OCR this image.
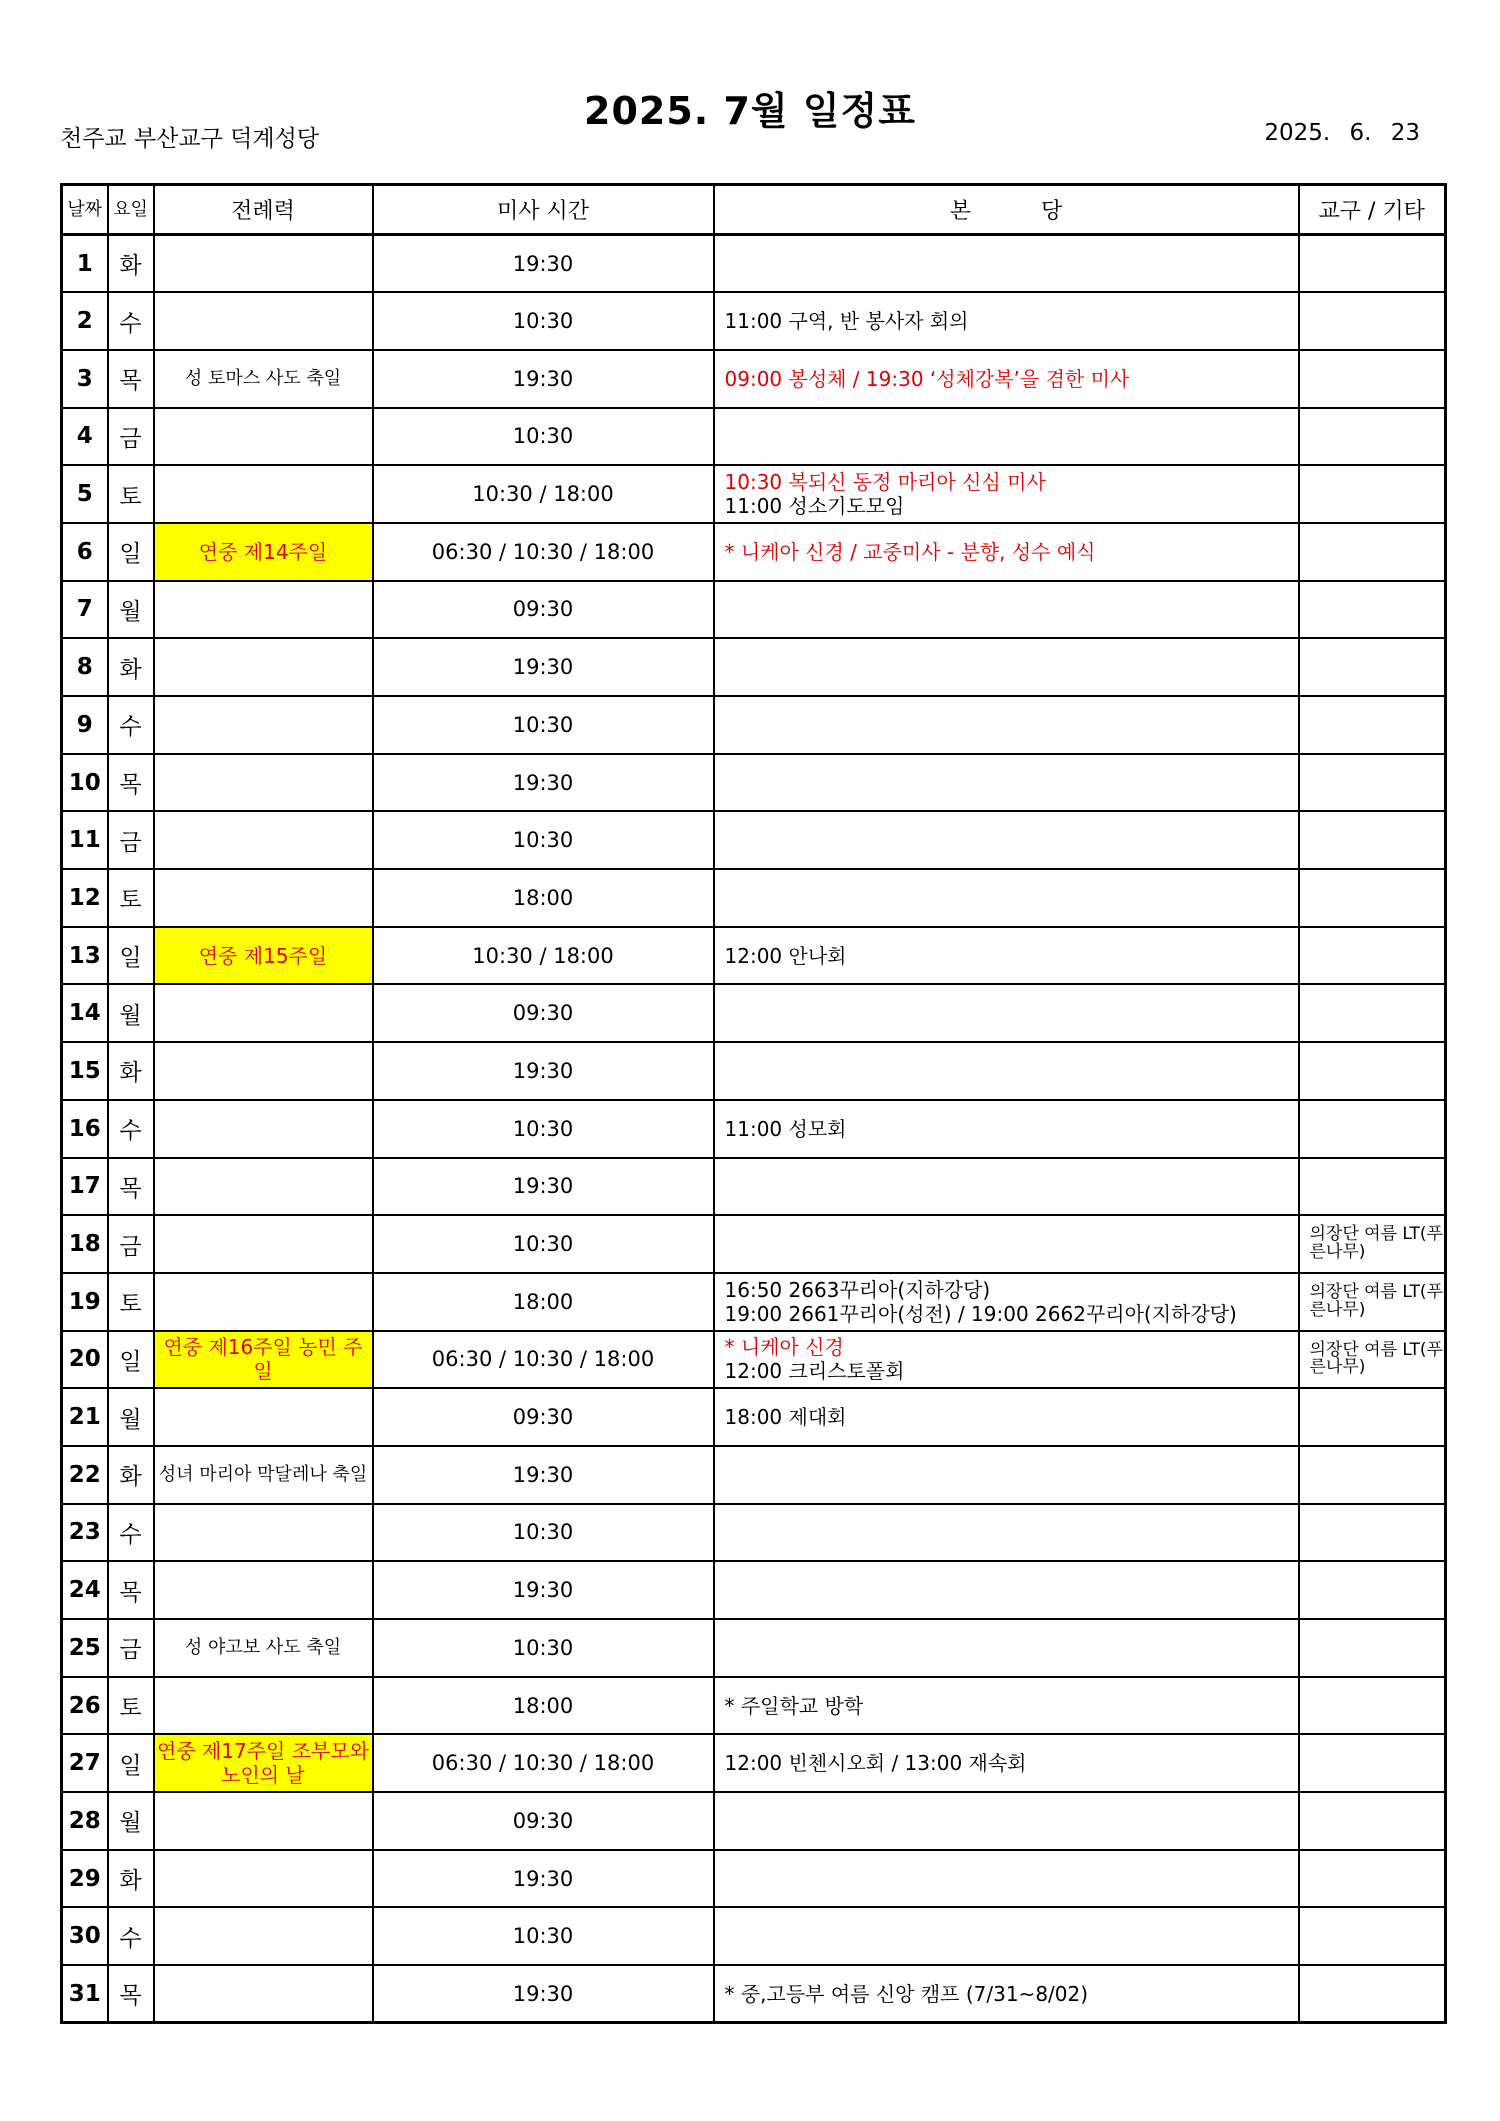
2025. 7월 일정표
천주교 부산교구 덕계성당	2025. 6. 23
날짜	요일	전례력	미사 시간	본          당	교구 / 기타
1	화		19:30		
2	수		10:30	11:00 구역, 반 봉사자 회의	

3	목	성 토마스 사도 축일	19:30	09:00 봉성체 / 19:30 ‘성체강복’을 겸한 미사	

4	금		10:30		
5	토		10:30 / 18:00	10:30 복되신 동정 마리아 신심 미사
11:00 성소기도모임	

6	일	연중 제14주일	06:30 / 10:30 / 18:00	* 니케아 신경 / 교중미사 - 분향, 성수 예식	

7	월		09:30		
8	화		19:30		
9	수		10:30		
10	목		19:30		
11	금		10:30		
12	토		18:00		
13	일	연중 제15주일	10:30 / 18:00	12:00 안나회	

14	월		09:30		
15	화		19:30		
16	수		10:30	11:00 성모회	

17	목		19:30		
18	금		10:30		의장단 여름 LT(푸른나무)
19	토		18:00	16:50 2663꾸리아(지하강당)
19:00 2661꾸리아(성전) / 19:00 2662꾸리아(지하강당)	의장단 여름 LT(푸른나무)
20	일	연중 제16주일 농민 주일	06:30 / 10:30 / 18:00	* 니케아 신경
12:00 크리스토폴회	의장단 여름 LT(푸른나무)
21	월		09:30	18:00 제대회	

22	화	성녀 마리아 막달레나 축일	19:30		
23	수		10:30		
24	목		19:30		
25	금	성 야고보 사도 축일	10:30		
26	토		18:00	* 주일학교 방학	

27	일	연중 제17주일 조부모와 노인의 날	06:30 / 10:30 / 18:00	12:00 빈첸시오회 / 13:00 재속회	

28	월		09:30		
29	화		19:30		
30	수		10:30		
31	목		19:30	* 중,고등부 여름 신앙 캠프 (7/31~8/02)	
